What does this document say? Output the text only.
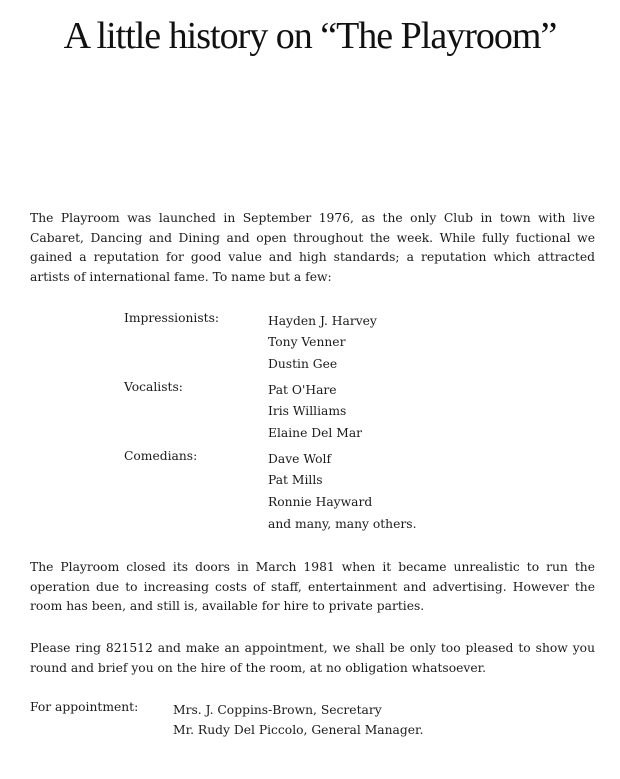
A little history on “The Playroom”

The Playroom was launched in September 1976, as the only Club in town with live Cabaret, Dancing and Dining and open throughout the week. While fully fuctional we gained a reputation for good value and high standards; a reputation which attracted artists of international fame. To name but a few:

Impressionists:	Hayden J. Harvey
Tony Venner
Dustin Gee
Vocalists:	Pat O'Hare
Iris Williams
Elaine Del Mar
Comedians:	Dave Wolf
Pat Mills
Ronnie Hayward
and many, many others.

The Playroom closed its doors in March 1981 when it became unrealistic to run the operation due to increasing costs of staff, entertainment and advertising. However the room has been, and still is, available for hire to private parties.

Please ring 821512 and make an appointment, we shall be only too pleased to show you round and brief you on the hire of the room, at no obligation whatsoever.

For appointment:	Mrs. J. Coppins-Brown, Secretary
Mr. Rudy Del Piccolo, General Manager.
